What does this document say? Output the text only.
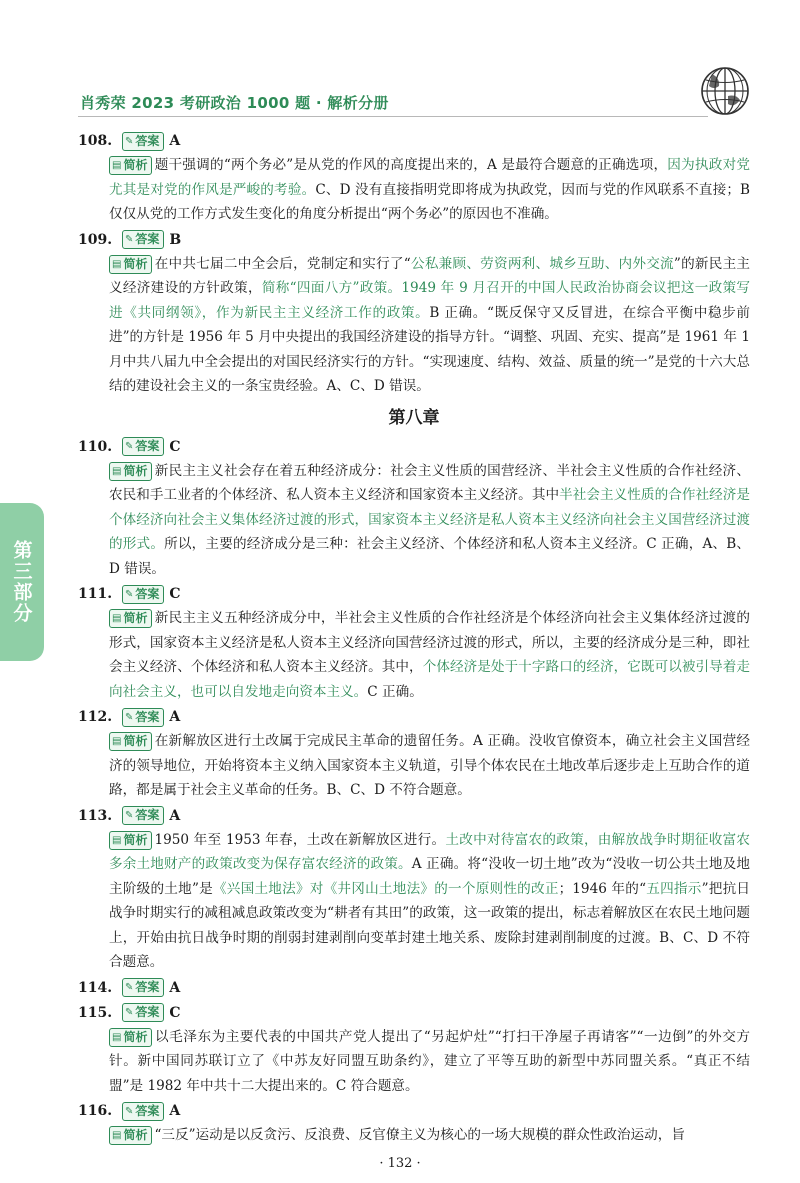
肖秀荣 2023 考研政治 1000 题 · 解析分册
第三部分
108.	✎ 答案 A
▤ 简析 题干强调的“两个务必”是从党的作风的高度提出来的，A 是最符合题意的正确选项，因为执政对党尤其是对党的作风是严峻的考验。C、D 没有直接指明党即将成为执政党，因而与党的作风联系不直接；B 仅仅从党的工作方式发生变化的角度分析提出“两个务必”的原因也不准确。
109.	✎ 答案 B
▤ 简析 在中共七届二中全会后，党制定和实行了“公私兼顾、劳资两利、城乡互助、内外交流”的新民主主义经济建设的方针政策，简称“四面八方”政策。1949 年 9 月召开的中国人民政治协商会议把这一政策写进《共同纲领》，作为新民主主义经济工作的政策。B 正确。“既反保守又反冒进，在综合平衡中稳步前进”的方针是 1956 年 5 月中央提出的我国经济建设的指导方针。“调整、巩固、充实、提高”是 1961 年 1 月中共八届九中全会提出的对国民经济实行的方针。“实现速度、结构、效益、质量的统一”是党的十六大总结的建设社会主义的一条宝贵经验。A、C、D 错误。
第八章
110.	✎ 答案 C
▤ 简析 新民主主义社会存在着五种经济成分：社会主义性质的国营经济、半社会主义性质的合作社经济、农民和手工业者的个体经济、私人资本主义经济和国家资本主义经济。其中半社会主义性质的合作社经济是个体经济向社会主义集体经济过渡的形式，国家资本主义经济是私人资本主义经济向社会主义国营经济过渡的形式。所以，主要的经济成分是三种：社会主义经济、个体经济和私人资本主义经济。C 正确，A、B、D 错误。
111.	✎ 答案 C
▤ 简析 新民主主义五种经济成分中，半社会主义性质的合作社经济是个体经济向社会主义集体经济过渡的形式，国家资本主义经济是私人资本主义经济向国营经济过渡的形式，所以，主要的经济成分是三种，即社会主义经济、个体经济和私人资本主义经济。其中，个体经济是处于十字路口的经济，它既可以被引导着走向社会主义，也可以自发地走向资本主义。C 正确。
112.	✎ 答案 A
▤ 简析 在新解放区进行土改属于完成民主革命的遗留任务。A 正确。没收官僚资本，确立社会主义国营经济的领导地位，开始将资本主义纳入国家资本主义轨道，引导个体农民在土地改革后逐步走上互助合作的道路，都是属于社会主义革命的任务。B、C、D 不符合题意。
113.	✎ 答案 A
▤ 简析 1950 年至 1953 年春，土改在新解放区进行。土改中对待富农的政策，由解放战争时期征收富农多余土地财产的政策改变为保存富农经济的政策。A 正确。将“没收一切土地”改为“没收一切公共土地及地主阶级的土地”是《兴国土地法》对《井冈山土地法》的一个原则性的改正；1946 年的“五四指示”把抗日战争时期实行的减租减息政策改变为“耕者有其田”的政策，这一政策的提出，标志着解放区在农民土地问题上，开始由抗日战争时期的削弱封建剥削向变革封建土地关系、废除封建剥削制度的过渡。B、C、D 不符合题意。
114.	✎ 答案 A
115.	✎ 答案 C
▤ 简析 以毛泽东为主要代表的中国共产党人提出了“另起炉灶”“打扫干净屋子再请客”“一边倒”的外交方针。新中国同苏联订立了《中苏友好同盟互助条约》，建立了平等互助的新型中苏同盟关系。“真正不结盟”是 1982 年中共十二大提出来的。C 符合题意。
116.	✎ 答案 A
▤ 简析 “三反”运动是以反贪污、反浪费、反官僚主义为核心的一场大规模的群众性政治运动，旨
· 132 ·
